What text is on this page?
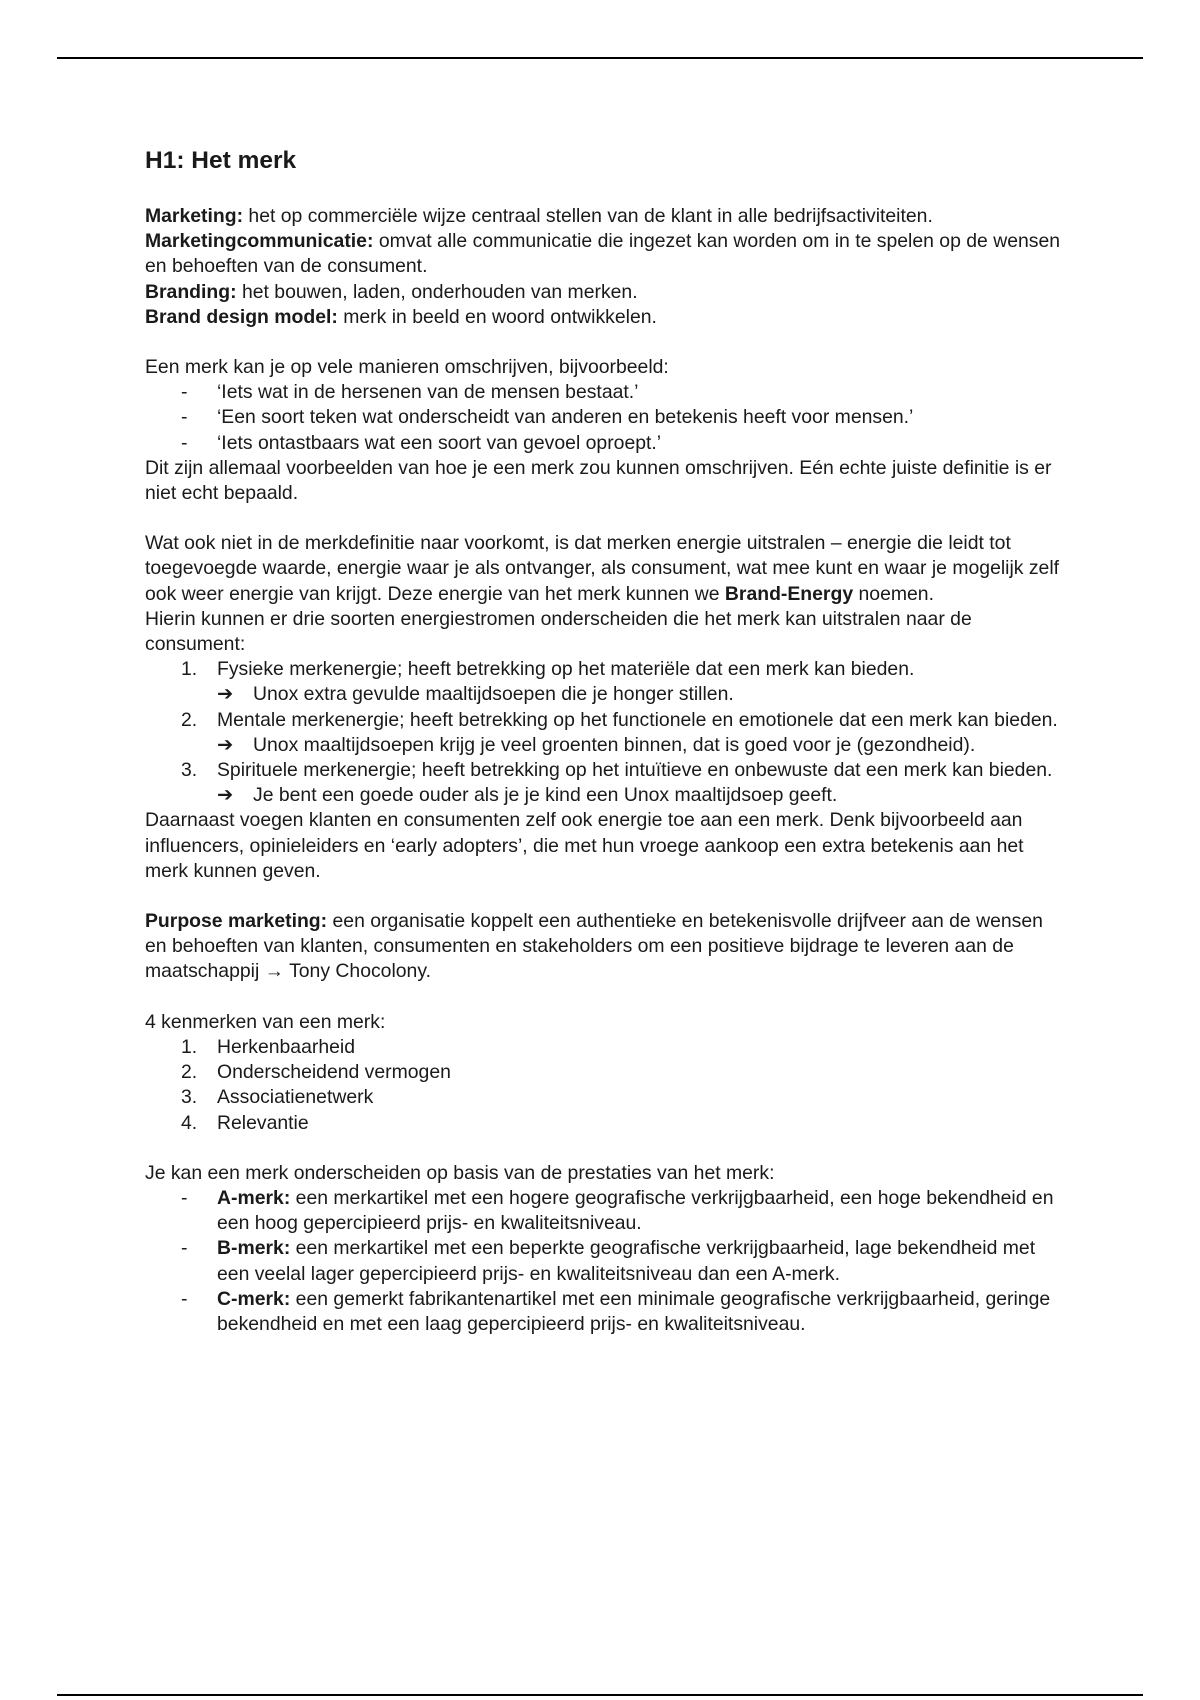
H1: Het merk

Marketing: het op commerciële wijze centraal stellen van de klant in alle bedrijfsactiviteiten.

Marketingcommunicatie: omvat alle communicatie die ingezet kan worden om in te spelen op de wensen en behoeften van de consument.

Branding: het bouwen, laden, onderhouden van merken.

Brand design model: merk in beeld en woord ontwikkelen.

Een merk kan je op vele manieren omschrijven, bijvoorbeeld:

- ‘Iets wat in de hersenen van de mensen bestaat.’
- ‘Een soort teken wat onderscheidt van anderen en betekenis heeft voor mensen.’
- ‘Iets ontastbaars wat een soort van gevoel oproept.’

Dit zijn allemaal voorbeelden van hoe je een merk zou kunnen omschrijven. Eén echte juiste definitie is er niet echt bepaald.

Wat ook niet in de merkdefinitie naar voorkomt, is dat merken energie uitstralen – energie die leidt tot toegevoegde waarde, energie waar je als ontvanger, als consument, wat mee kunt en waar je mogelijk zelf ook weer energie van krijgt. Deze energie van het merk kunnen we Brand-Energy noemen.

Hierin kunnen er drie soorten energiestromen onderscheiden die het merk kan uitstralen naar de consument:

1.	Fysieke merkenergie; heeft betrekking op het materiële dat een merk kan bieden.
➔ Unox extra gevulde maaltijdsoepen die je honger stillen.
2.	Mentale merkenergie; heeft betrekking op het functionele en emotionele dat een merk kan bieden.
➔ Unox maaltijdsoepen krijg je veel groenten binnen, dat is goed voor je (gezondheid).
3.	Spirituele merkenergie; heeft betrekking op het intuïtieve en onbewuste dat een merk kan bieden.
➔ Je bent een goede ouder als je je kind een Unox maaltijdsoep geeft.

Daarnaast voegen klanten en consumenten zelf ook energie toe aan een merk. Denk bijvoorbeeld aan influencers, opinieleiders en ‘early adopters’, die met hun vroege aankoop een extra betekenis aan het merk kunnen geven.

Purpose marketing: een organisatie koppelt een authentieke en betekenisvolle drijfveer aan de wensen en behoeften van klanten, consumenten en stakeholders om een positieve bijdrage te leveren aan de maatschappij → Tony Chocolony.

4 kenmerken van een merk:

1.	Herkenbaarheid
2.	Onderscheidend vermogen
3.	Associatienetwerk
4.	Relevantie

Je kan een merk onderscheiden op basis van de prestaties van het merk:

- A-merk: een merkartikel met een hogere geografische verkrijgbaarheid, een hoge bekendheid en een hoog gepercipieerd prijs- en kwaliteitsniveau.
- B-merk: een merkartikel met een beperkte geografische verkrijgbaarheid, lage bekendheid met een veelal lager gepercipieerd prijs- en kwaliteitsniveau dan een A-merk.
- C-merk: een gemerkt fabrikantenartikel met een minimale geografische verkrijgbaarheid, geringe bekendheid en met een laag gepercipieerd prijs- en kwaliteitsniveau.
